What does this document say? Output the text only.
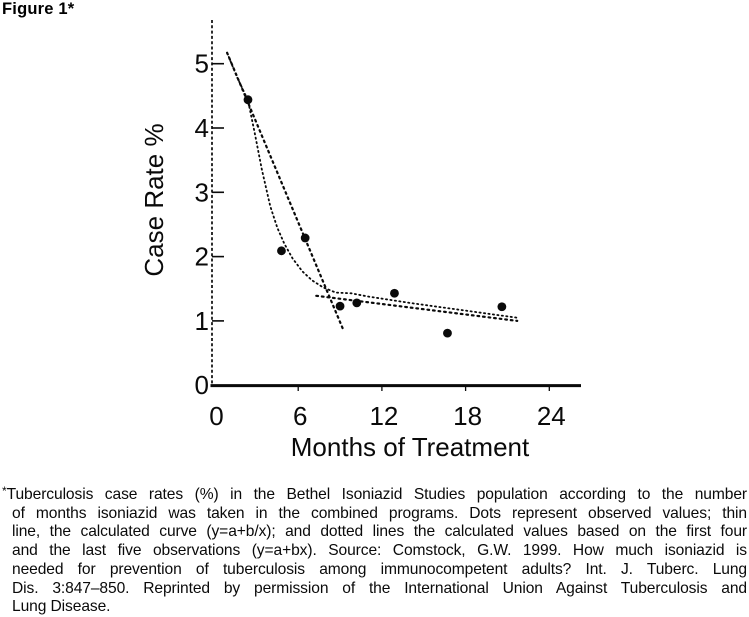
Figure 1*
0
1
2
3
4
5
0	6 12 18 24
Months of Treatment
Case Rate %
*Tuberculosis case rates (%) in the Bethel Isoniazid Studies population according to the number
of months isoniazid was taken in the combined programs. Dots represent observed values; thin
line, the calculated curve (y=a+b/x); and dotted lines the calculated values based on the first four
and the last five observations (y=a+bx). Source: Comstock, G.W. 1999. How much isoniazid is
needed for prevention of tuberculosis among immunocompetent adults? Int. J. Tuberc. Lung
Dis. 3:847–850. Reprinted by permission of the International Union Against Tuberculosis and
Lung Disease.
